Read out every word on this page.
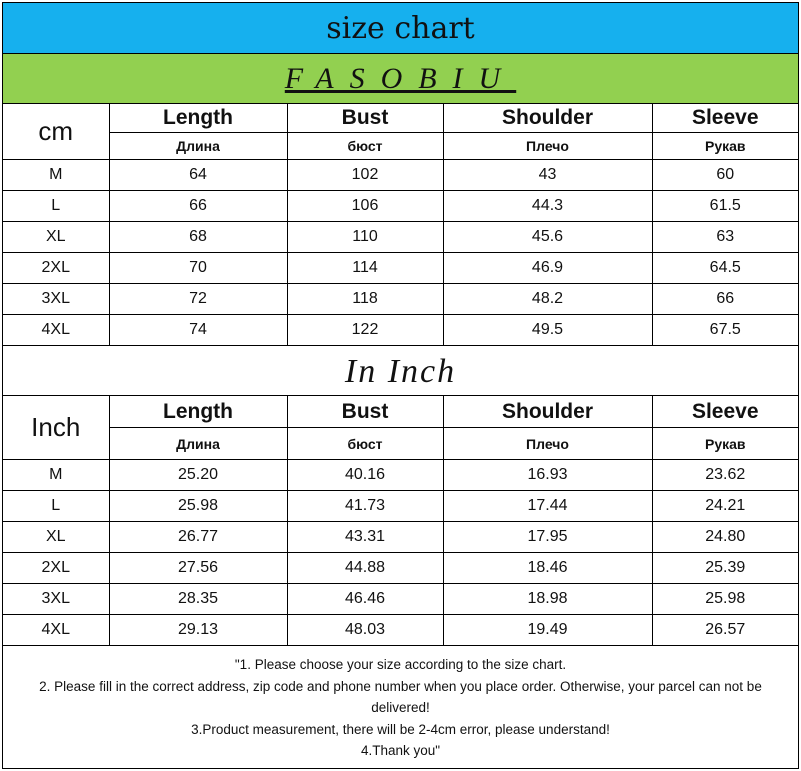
size chart
FASOBIU
cm	Length	Bust	Shoulder	Sleeve
	Длина	бюст	Плечо	Рукав
M	64	102	43	60
L	66	106	44.3	61.5
XL	68	110	45.6	63
2XL	70	114	46.9	64.5
3XL	72	118	48.2	66
4XL	74	122	49.5	67.5
In Inch
Inch	Length	Bust	Shoulder	Sleeve
	Длина	бюст	Плечо	Рукав
M	25.20	40.16	16.93	23.62
L	25.98	41.73	17.44	24.21
XL	26.77	43.31	17.95	24.80
2XL	27.56	44.88	18.46	25.39
3XL	28.35	46.46	18.98	25.98
4XL	29.13	48.03	19.49	26.57

"1. Please choose your size according to the size chart.

2. Please fill in the correct address, zip code and phone number when you place order. Otherwise, your parcel can not be delivered!

3.Product measurement, there will be 2-4cm error, please understand!

4.Thank you"
